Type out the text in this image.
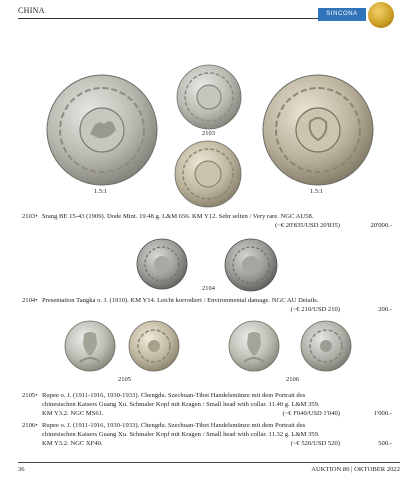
CHINA	SINCONA
2103
1.5:1	1.5:1
2103• Srang BE 15-43 (1909). Dode Mint. 19.48 g. L&M 656. KM Y12. Sehr selten / Very rare. NGC AU58.
(~€ 20'835/USD 20'835)	20'000.-
2104
2104• Presentation Tangka o. J. (1910). KM Y14. Leicht korrodiert / Environmental damage. NGC AU Details.
(~€ 210/USD 210)	200.-
2105	2106
2105• Rupee o. J. (1911-1916, 1930-1933). Chengdu. Szechuan-Tibet Handelsmünze mit dem Portrait des
chinesischen Kaisers Guang Xu. Schmaler Kopf mit Kragen / Small head with collar. 11.40 g. L&M 359.
KM Y3.2. NGC MS61.	(~€ F040/USD 1'040)	1'000.-
2106• Rupee o. J. (1911-1916, 1930-1933). Chengdu. Szechuan-Tibet Handelsmünze mit dem Portrait des
chinesischen Kaisers Guang Xu. Schmaler Kopf mit Kragen / Small head with collar. 11.32 g. L&M 359.
KM Y3.2. NGC XF40.	(~€ 520/USD 520)	500.-
36	AUKTION 86 | OKTOBER 2022
